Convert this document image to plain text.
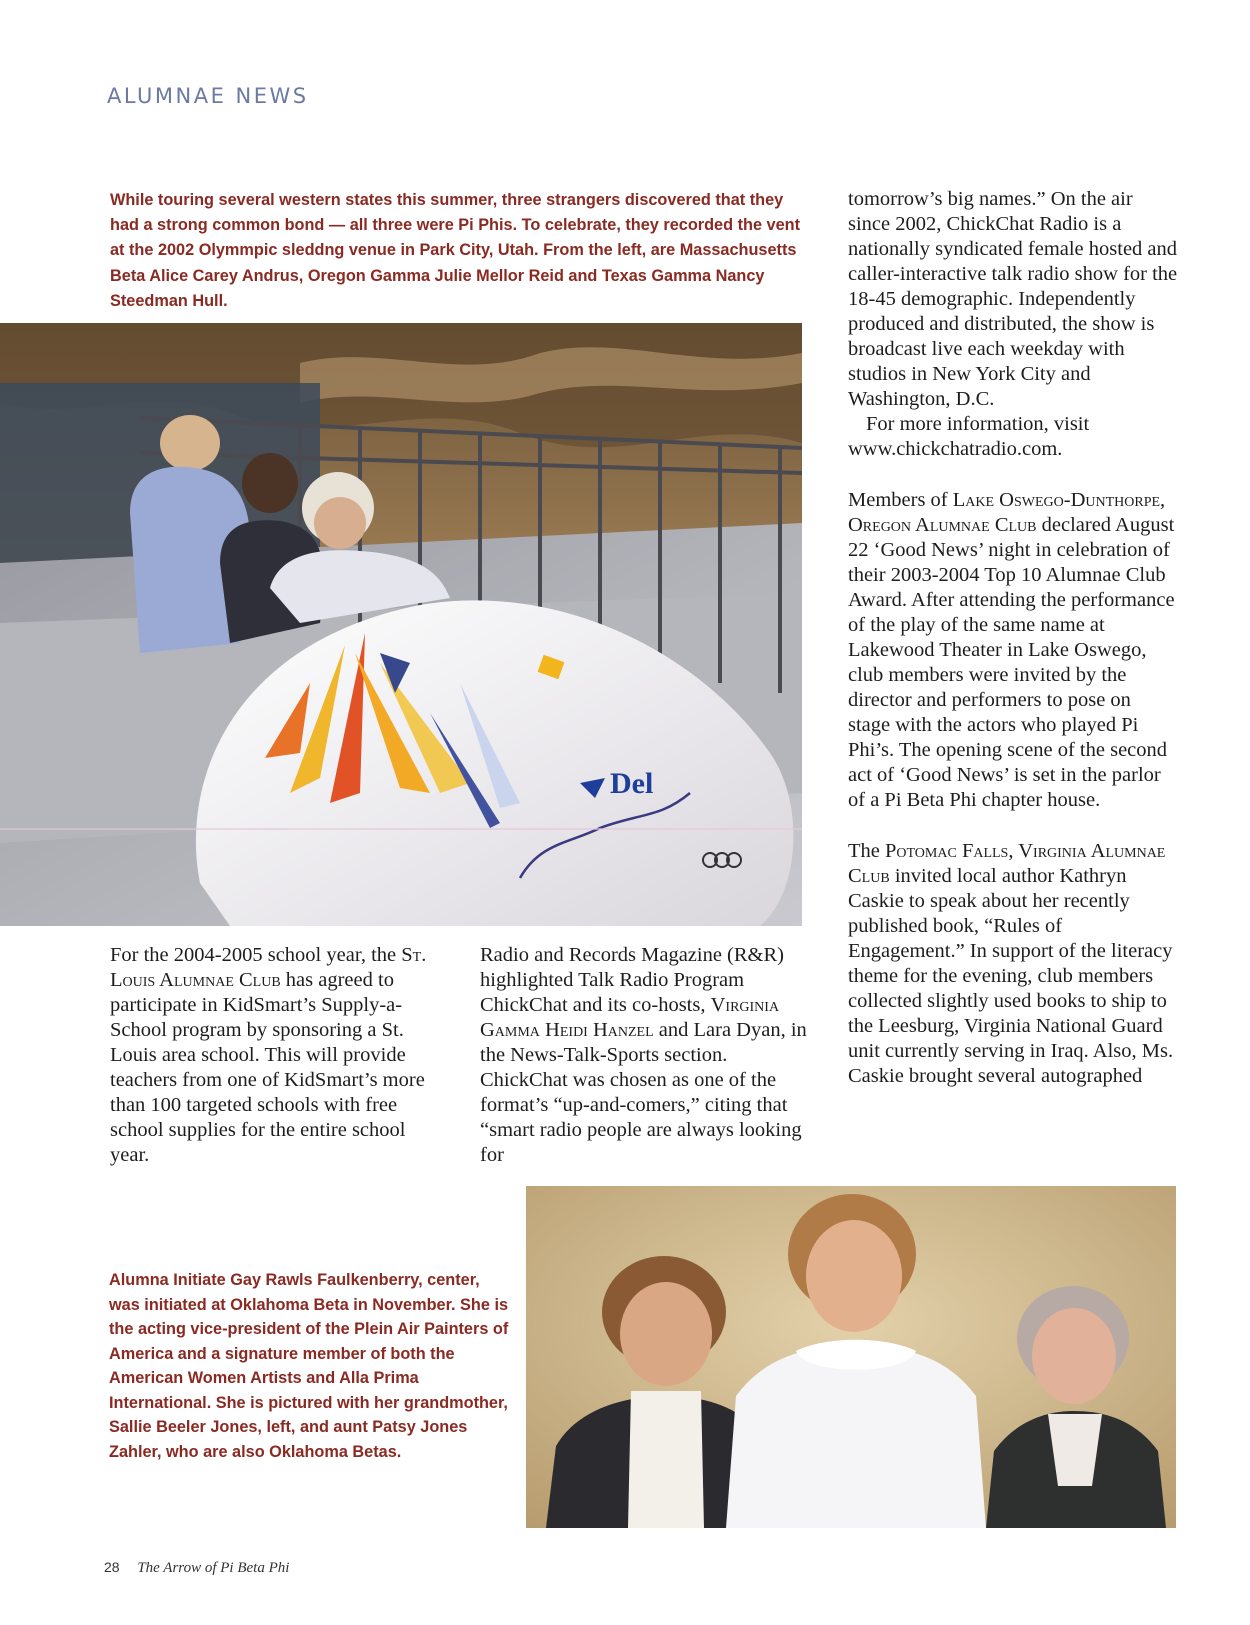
ALUMNAE NEWS

While touring several western states this summer, three strangers discovered that they had a strong common bond — all three were Pi Phis. To celebrate, they recorded the vent at the 2002 Olymmpic sleddng venue in Park City, Utah. From the left, are Massachusetts Beta Alice Carey Andrus, Oregon Gamma Julie Mellor Reid and Texas Gamma Nancy Steedman Hull.

Del

For the 2004-2005 school year, the St. Louis Alumnae Club has agreed to participate in KidSmart’s Supply-a-School program by sponsoring a St. Louis area school. This will provide teachers from one of KidSmart’s more than 100 targeted schools with free school supplies for the entire school year.

Radio and Records Magazine (R&R) highlighted Talk Radio Program ChickChat and its co-hosts, Virginia Gamma Heidi Hanzel and Lara Dyan, in the News-Talk-Sports section. ChickChat was chosen as one of the format’s “up-and-comers,” citing that “smart radio people are always looking for

tomorrow’s big names.” On the air since 2002, ChickChat Radio is a nationally syndicated female hosted and caller-interactive talk radio show for the 18-45 demographic. Independently produced and distributed, the show is broadcast live each weekday with studios in New York City and Washington, D.C.

For more information, visit www.chickchatradio.com.

Members of Lake Oswego-Dunthorpe, Oregon Alumnae Club declared August 22 ‘Good News’ night in celebration of their 2003-2004 Top 10 Alumnae Club Award. After attending the performance of the play of the same name at Lakewood Theater in Lake Oswego, club members were invited by the director and performers to pose on stage with the actors who played Pi Phi’s. The opening scene of the second act of ‘Good News’ is set in the parlor of a Pi Beta Phi chapter house.

The Potomac Falls, Virginia Alumnae Club invited local author Kathryn Caskie to speak about her recently published book, “Rules of Engagement.” In support of the literacy theme for the evening, club members collected slightly used books to ship to the Leesburg, Virginia National Guard unit currently serving in Iraq. Also, Ms. Caskie brought several autographed

Alumna Initiate Gay Rawls Faulkenberry, center, was initiated at Oklahoma Beta in November. She is the acting vice-president of the Plein Air Painters of America and a signature member of both the American Women Artists and Alla Prima International. She is pictured with her grandmother, Sallie Beeler Jones, left, and aunt Patsy Jones Zahler, who are also Oklahoma Betas.

28 The Arrow of Pi Beta Phi
